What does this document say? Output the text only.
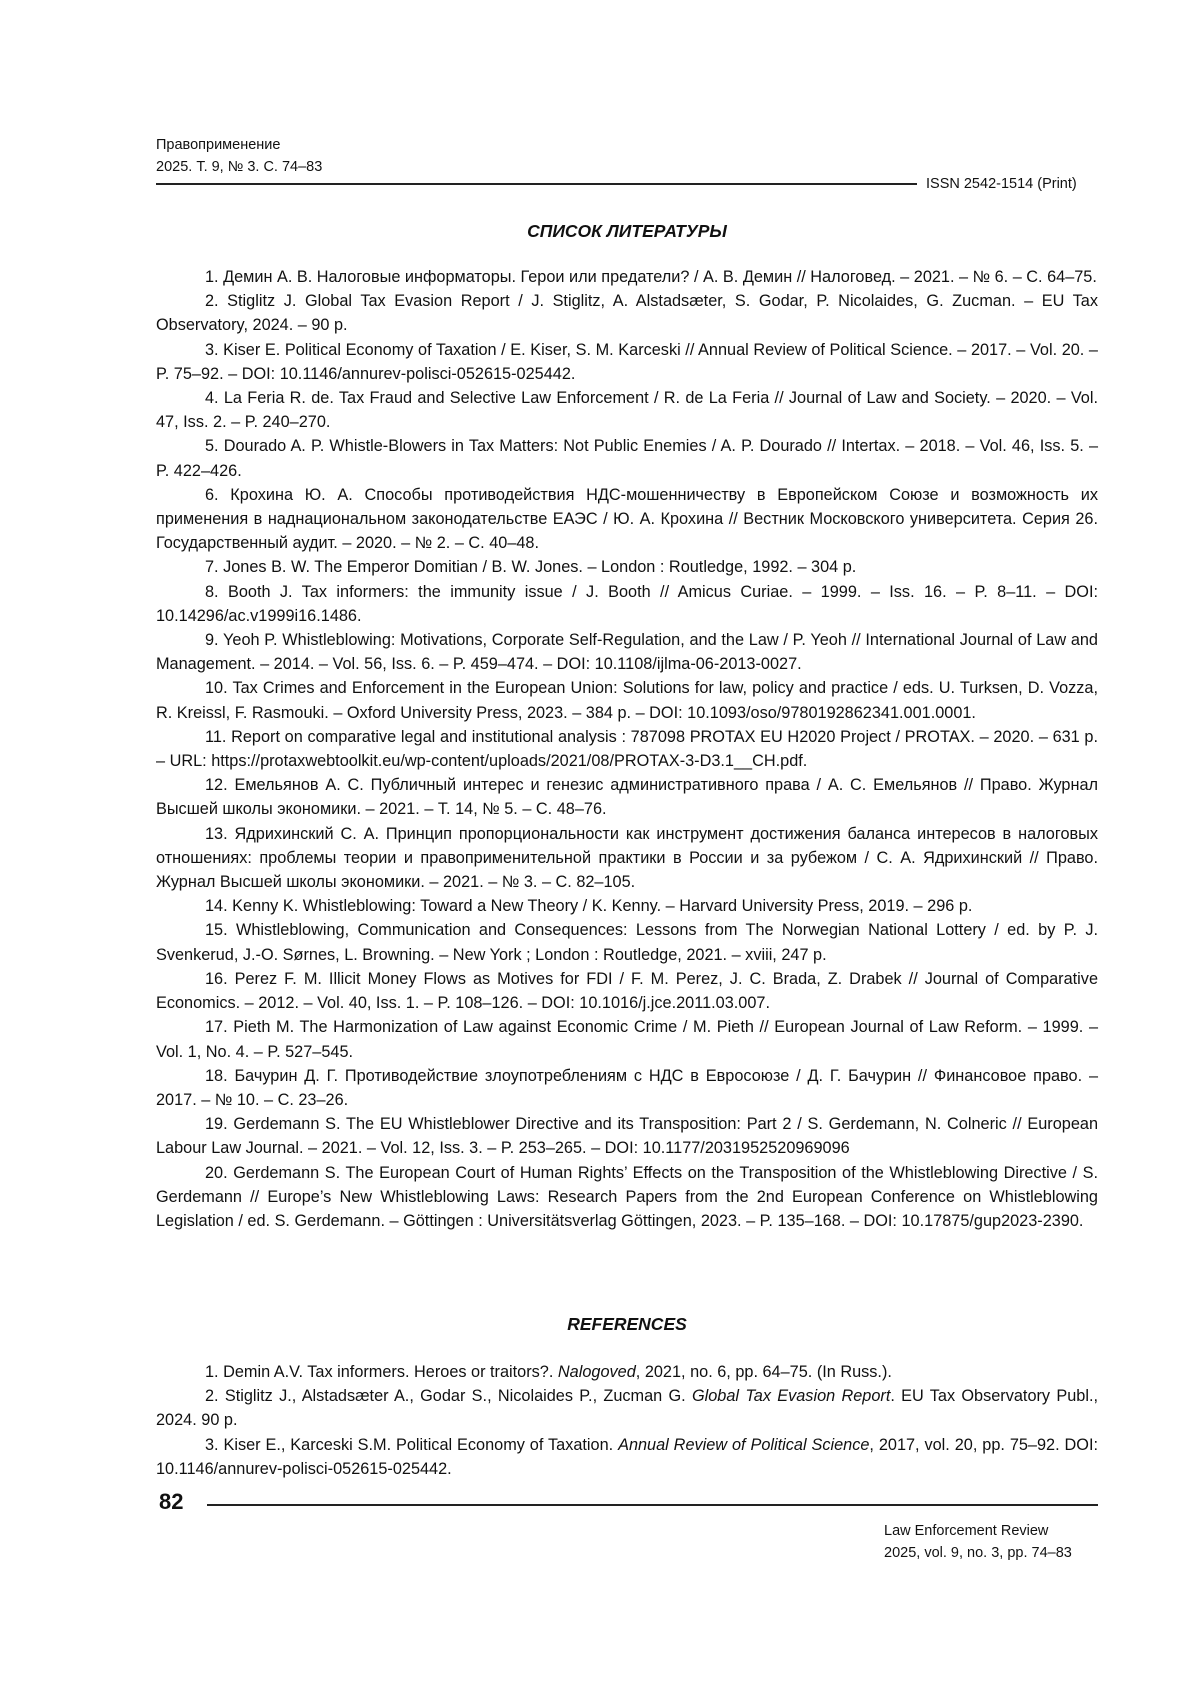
Правоприменение
2025. Т. 9, № 3. С. 74–83
ISSN 2542-1514 (Print)
СПИСОК ЛИТЕРАТУРЫ

1. Демин А. В. Налоговые информаторы. Герои или предатели? / А. В. Демин // Налоговед. – 2021. – № 6. – С. 64–75.

2. Stiglitz J. Global Tax Evasion Report / J. Stiglitz, A. Alstadsæter, S. Godar, P. Nicolaides, G. Zucman. – EU Tax Observatory, 2024. – 90 p.

3. Kiser E. Political Economy of Taxation / E. Kiser, S. M. Karceski // Annual Review of Political Science. – 2017. – Vol. 20. – P. 75–92. – DOI: 10.1146/annurev-polisci-052615-025442.

4. La Feria R. de. Tax Fraud and Selective Law Enforcement / R. de La Feria // Journal of Law and Society. – 2020. – Vol. 47, Iss. 2. – P. 240–270.

5. Dourado A. P. Whistle-Blowers in Tax Matters: Not Public Enemies / A. P. Dourado // Intertax. – 2018. – Vol. 46, Iss. 5. – P. 422–426.

6. Крохина Ю. А. Способы противодействия НДС-мошенничеству в Европейском Союзе и возможность их применения в наднациональном законодательстве ЕАЭС / Ю. А. Крохина // Вестник Московского университета. Серия 26. Государственный аудит. – 2020. – № 2. – С. 40–48.

7. Jones B. W. The Emperor Domitian / B. W. Jones. – London : Routledge, 1992. – 304 p.

8. Booth J. Tax informers: the immunity issue / J. Booth // Amicus Curiae. – 1999. – Iss. 16. – P. 8–11. – DOI: 10.14296/ac.v1999i16.1486.

9. Yeoh P. Whistleblowing: Motivations, Corporate Self-Regulation, and the Law / P. Yeoh // International Journal of Law and Management. – 2014. – Vol. 56, Iss. 6. – P. 459–474. – DOI: 10.1108/ijlma-06-2013-0027.

10. Tax Crimes and Enforcement in the European Union: Solutions for law, policy and practice / eds. U. Turksen, D. Vozza, R. Kreissl, F. Rasmouki. – Oxford University Press, 2023. – 384 p. – DOI: 10.1093/oso/9780192862341.001.0001.

11. Report on comparative legal and institutional analysis : 787098 PROTAX EU H2020 Project / PROTAX. – 2020. – 631 p. – URL: https://protaxwebtoolkit.eu/wp-content/uploads/2021/08/PROTAX-3-D3.1__CH.pdf.

12. Емельянов А. С. Публичный интерес и генезис административного права / А. С. Емельянов // Право. Журнал Высшей школы экономики. – 2021. – Т. 14, № 5. – С. 48–76.

13. Ядрихинский С. А. Принцип пропорциональности как инструмент достижения баланса интересов в налоговых отношениях: проблемы теории и правоприменительной практики в России и за рубежом / С. А. Ядрихинский // Право. Журнал Высшей школы экономики. – 2021. – № 3. – С. 82–105.

14. Kenny K. Whistleblowing: Toward a New Theory / K. Kenny. – Harvard University Press, 2019. – 296 p.

15. Whistleblowing, Communication and Consequences: Lessons from The Norwegian National Lottery / ed. by P. J. Svenkerud, J.-O. Sørnes, L. Browning. – New York ; London : Routledge, 2021. – xviii, 247 p.

16. Perez F. M. Illicit Money Flows as Motives for FDI / F. M. Perez, J. C. Brada, Z. Drabek // Journal of Comparative Economics. – 2012. – Vol. 40, Iss. 1. – P. 108–126. – DOI: 10.1016/j.jce.2011.03.007.

17. Pieth M. The Harmonization of Law against Economic Crime / M. Pieth // European Journal of Law Reform. – 1999. – Vol. 1, No. 4. – P. 527–545.

18. Бачурин Д. Г. Противодействие злоупотреблениям с НДС в Евросоюзе / Д. Г. Бачурин // Финансовое право. – 2017. – № 10. – С. 23–26.

19. Gerdemann S. The EU Whistleblower Directive and its Transposition: Part 2 / S. Gerdemann, N. Colneric // European Labour Law Journal. – 2021. – Vol. 12, Iss. 3. – P. 253–265. – DOI: 10.1177/2031952520969096

20. Gerdemann S. The European Court of Human Rights’ Effects on the Transposition of the Whistleblowing Directive / S. Gerdemann // Europe’s New Whistleblowing Laws: Research Papers from the 2nd European Conference on Whistleblowing Legislation / ed. S. Gerdemann. – Göttingen : Universitätsverlag Göttingen, 2023. – P. 135–168. – DOI: 10.17875/gup2023-2390.

REFERENCES

1. Demin A.V. Tax informers. Heroes or traitors?. Nalogoved, 2021, no. 6, pp. 64–75. (In Russ.).

2. Stiglitz J., Alstadsæter A., Godar S., Nicolaides P., Zucman G. Global Tax Evasion Report. EU Tax Observatory Publ., 2024. 90 p.

3. Kiser E., Karceski S.M. Political Economy of Taxation. Annual Review of Political Science, 2017, vol. 20, pp. 75–92. DOI: 10.1146/annurev-polisci-052615-025442.

82
Law Enforcement Review
2025, vol. 9, no. 3, pp. 74–83
